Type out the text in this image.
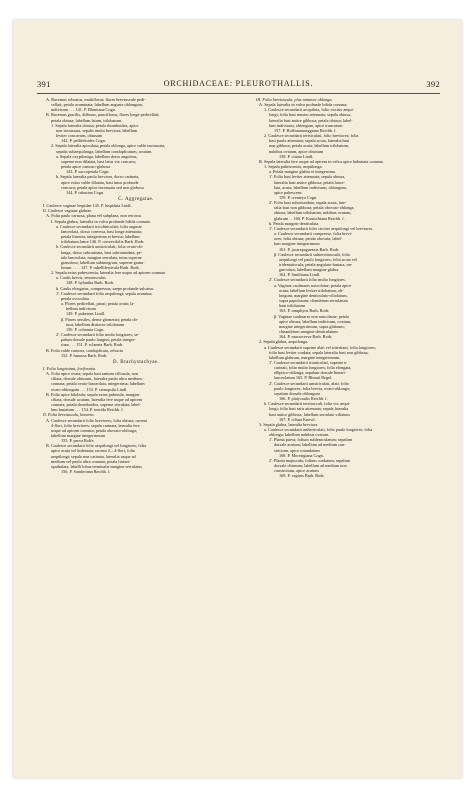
391	ORCHIDACEAE: PLEUROTHALLIS.	392
A. Racemus robustus, multiflorus; flores breviuscule pedi-
cellati; petala acuminata; labellum anguste oblongum,
indivisum . . . 141. P. Bluntiana Cogn.
B. Racemus gracilis, diffusus, pauciflorus; flores longe pedicellati;
petala obtusa; labellum latum, trilobatum.
1. Sepala lateralia obtusa; petala rhomboidea, apice
non incrassata, sepalis multo breviora; labellum
leviter concavum, obtusum
142. P. pellifeloides Cogn.
2. Sepala lateralia apiculata; petala oblonga, apice valde incrassata,
sepalis subaequilonga; labellum conduplicatum, acutum.
a. Sepala oxypiloniga, labellum dorso angulosa,
superne non dilatata, basi latus vix concava;
petala apice carnoso-globosa
143. P. saccopetala Cogn.
b. Sepala lateralia paulo breviora, dorso carinata,
apice extus valde dilatata, basi intus profunde
concava; petala apice incrassata sed non globosa
144. P. tabacina Cogn.
C. Aggregatae.
I. Caulesce vaginae hispidae 145. P. hispidata Lindl.
II. Caulesce vaginae glabrae.
A. Folia paulo carnosa, plana vel subplana, non retrorsa.
I. Sepala glabra, lateralia in valva profunde bifida connata.
a. Caulesce secundarii tricoliniculati; folia anguste
lanceolata, dorso convexa, basi longe attenuata;
petala linearia, integerrima et brevia; labellum
trilobatum.lance 146. P. convexifolia Barb. Rodr.
b. Caulesce secundarii unistriculati; folia ovato-ob-
longa, dorso subcarinata, basi subrotundata; pe-
tala lanceolata, margine serrulata, intus superne
granuloso; labellum subintegrum, superne granu-
losum . . . . 147. P. rubellifestivala Barb. Rodr.
2. Sepala extus pubescentia, lateralia fere usque ad apicem connata.
a. Caulis brevis, tenuiusculus
148. P. hylantha Barb. Rodr.
b. Caulis elongatus, compressus, saepe profunde sulcatus.
1'. Caulesce secundarii folio aequilongi; sepala acumina;
petala ovoculata.
a. Flores pedicellati, pausi; petala acuta; la-
bellum indivisum
149. P. pubetens Lindl.
β. Flores sessiles, dense glomerati; petala ob-
tusa; labellum distincte trilobatum
150. P. ochranta Cogn.
2'. Caulesce secundarii folio multo longiores; se-
palum dorsale paulo longius; petala integer-
rima . . . 151. P. sclaneta Barb. Rodr.
B. Folia valde carnosa, conduplicata, refracta
152. P. hamosa Barb. Rodr.
D. Brachystachyae.
I. Folia longissima, loriformia.
A. Folia apice ovata; sepala basi tantum villosula, non
ciliata, dorsale obtusum, lateralia paulo ultra medium
connata; petala ovato-lanceolata, integerrima; labellum
ovato-oblongum . . . 153. P. stenopsila Lindl.
B. Folia apice bilobula; sepala extus puberula, margine
ciliata, dorsale acutum, lateralia fere usque ad apicem
connata; petala rhomboidea, superne serrulata; label-
lum hastatum . . . 154. P. tourida Reichb. f.
II. Folia breviuscula, linearia.
A. Caulesce secundarii folio breviores; folia obtusa; racemi
4-flori, folio breviores; sepala carinata, lateralia fere
usque ad apicem connata; petala obovato-oblonga;
labellum margine integerrimum
155. P. parva Rolfe.
B. Caulesce secundarii folio aequilongi vel longiores; folia
apice acuta vel bidentata; racemi 2—4-flori, folio
aequilongi; sepala non carinata, lateralia usque ad
medium vel paulo ultra connata; petala lineari-
spathulata; labelli lobus terminalis margine serrulatus
156. P. Sonderiana Reichb. f.
III. Folia breviuscula, plus minusve oblonga.
A. Sepala lateralia in valva profunde bifida connata.
1. Caulesce secundarii arcipilota, folio circiter aequi-
longi; folia basi sensim attenuata; sepala obtusa,
lateralia basi antice gibbosa; petala obtusa; label-
lum indivisum, oblongum, apice truncatum
157. P. Hoffmannseggiana Reichb. f.
2. Caulesce secundarii tereticulati, folio breviores; folia
basi paulo attenuata; sepala acuta, lateralia basi
non gibbosa; petala acuta; labellum trilobatum,
nubibus ovatum, apice obtusum
158. P. cittata Lindl.
B. Sepala lateralia fere usque ad apicem in valva apice bidentata connata.
1. Sepala pubescentia, aequilonga.
a. Petala margine glabra et integerrima.
1'. Folia basi leviter attenuata; sepala obtusa,
lateralia basi antice gibbosa; petala lance-
lata, acuta; labellum indivisum, oblongum,
apice pubescens
159. P. crenteya Cogn.
2'. Folia basi subrotundata; sepala acuta, late-
ralia basi non gibbosa; petala obovato-oblonga,
obtusa; labellum trilobatum, nubibus ovatum,
glabrum . . 160. P. Kautschiana Reichb. f.
b. Petala margine denticulata.
1'. Caulesce secundarii folio circiter aequilongi vel breviores.
a. Caulesce secundarii compresso, folia brevi-
ores; folia obtusa; petala obovata; label-
lum margine integerrimum
161. P. jacarepaguensis Barb. Rodr.
β. Caulesce secundarii subteretiuscuali, folio
aequilongi vel paulo longiores; folia acuta vel
tridentatiscula; petala angulato-hastata, un-
guiculata; labellum margine glabra.
162. P. Smithiana Lindl.
2'. Caulesce secundarii folio multo longiores.
a. Vaginae caulinares nascolatae; petala apice
acuta; labellum leviter trilobatum, ob-
longum, margine denticulato-ciliolatum,
supra papulosum; cliandrium serrulatum
haut trilobatum
163. P. ramphyos Barb. Rodr.
β. Vaginae caulinares non nascolatae; petala
apice obtusa; labellum indivisum, ovatum,
margine integerrimum, supra glabrum;
clinandrium margine denticulatum
164. P. macrocerva Barb. Rodr.
2. Sepala glabra, aequilonga.
a. Caulesce secundarii superne alati vel triteritani, folio longiores;
folia basi leviter cordata; sepala lateralia basi non gibbosa;
labellum glabrum, margine integerrimum.
1'. Caulesce secundarii triarticulati, superne tr
carinati, folio multo longiores; folia elongata,
elliptico-oblonga; sepalum dorsale lineari-
lanceolatum 165. P. Blumii Regel.
2'. Caulesce secundarii unistriculati, alati; folio
paulo longiores; folia brevia, ovato-oblonga;
sepalum dorsale oblongum
166. P. platycaulis Reichb. f.
b. Caulesce secundarii teretiusculi, folio vix aequi-
longi; folia basi satis attenuata; sepala lateralia
basi antice gibbosa; labellum serrulato-ciliatum
167. P. ciliata Knowl.
3. Sepala glabra, lateralia breviora.
a. Caulesce secundarii unilarticulati, folio paulo longiores; folia
oblonga; labellum nubibus ovatum.
1'. Planta parva; folium subleniculatum; sepalum
dorsale acutum; labellum ad medium con-
strictum, apice rotundatum
168. P. Moreirgiana Cogn.
2'. Planta majuscula; folium cordatum; sepalum
dorsale obtusum; labellum ad medium non
constrictum, apice acutum
169. P. vaginis Barb. Rodr.
